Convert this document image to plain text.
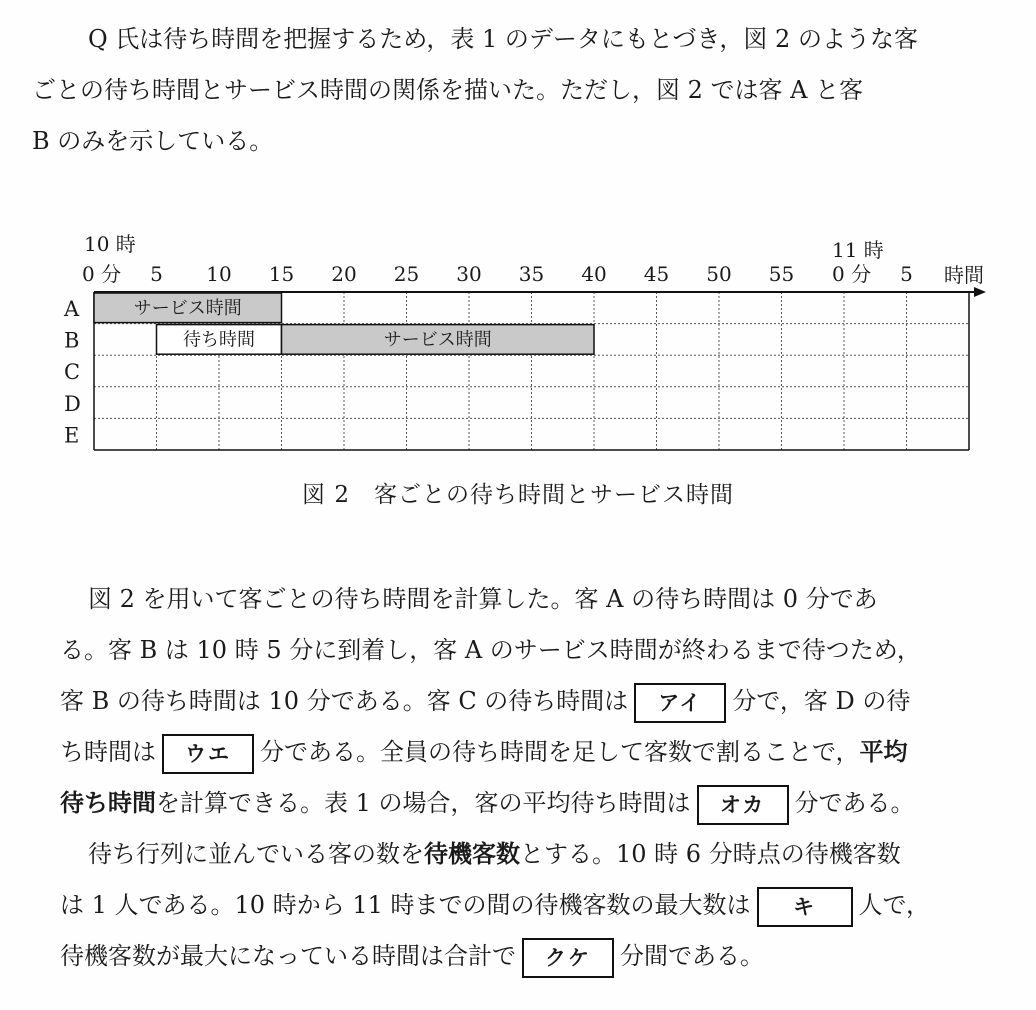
Q 氏は待ち時間を把握するため，表 1 のデータにもとづき，図 2 のような客
ごとの待ち時間とサービス時間の関係を描いた。ただし，図 2 では客 A と客
B のみを示している。

10 時	11 時
時間
0 分 5 10 15 20 25 30 35 40 45 50 55 0 分 5
A
B
C
D
E
サービス時間
待ち時間	サービス時間
図 2　客ごとの待ち時間とサービス時間
図 2 を用いて客ごとの待ち時間を計算した。客 A の待ち時間は 0 分であ
る。客 B は 10 時 5 分に到着し，客 A のサービス時間が終わるまで待つため，
客 B の待ち時間は 10 分である。客 C の待ち時間は アイ 分で，客 D の待
ち時間は ウエ 分である。全員の待ち時間を足して客数で割ることで，平均
待ち時間を計算できる。表 1 の場合，客の平均待ち時間は オカ 分である。
待ち行列に並んでいる客の数を待機客数とする。10 時 6 分時点の待機客数
は 1 人である。10 時から 11 時までの間の待機客数の最大数は キ 人で，
待機客数が最大になっている時間は合計で クケ 分間である。
